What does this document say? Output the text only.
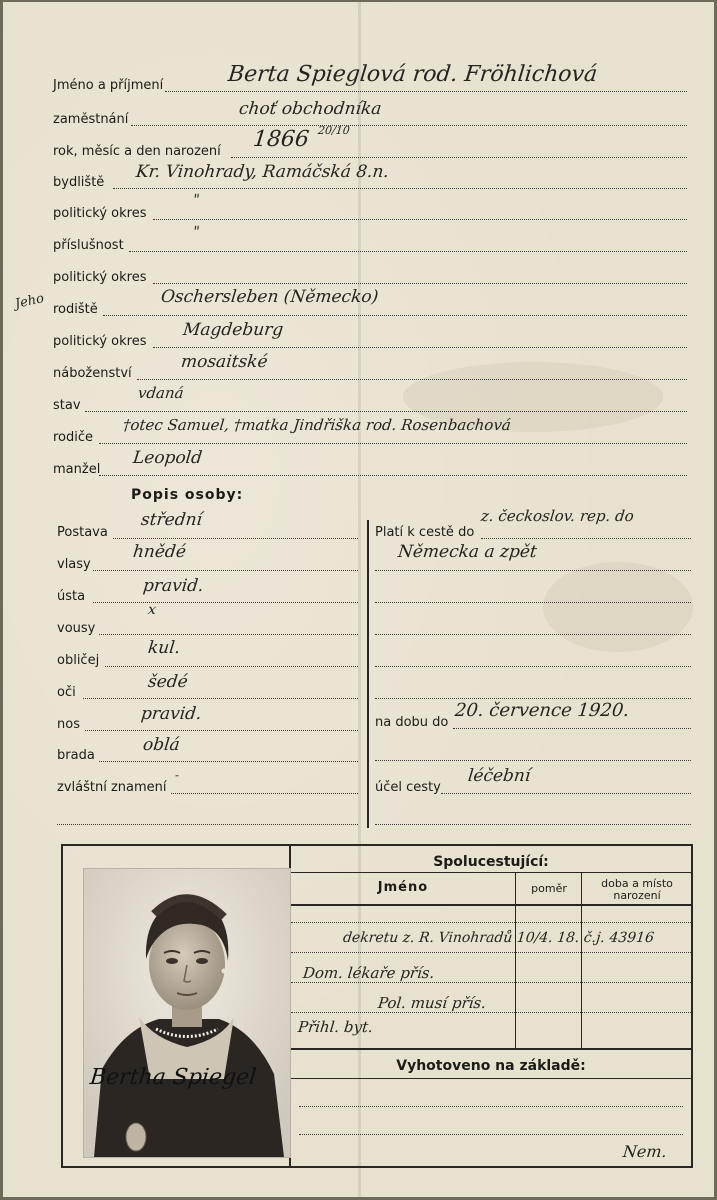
Jméno a příjmení	Berta Spieglová rod. Fröhlichová
zaměstnání
choť obchodníka
rok, měsíc a den narození 1866 20/10
bydliště
Kr. Vinohrady, Ramáčská 8.n.
politický okres
"
příslušnost
"
politický okres
Jeho rodiště
Oschersleben (Německo)
politický okres
Magdeburg
náboženství
mosaitské
stav
vdaná
rodiče
†otec Samuel, †matka Jindřiška rod. Rosenbachová
manžel
Leopold
Popis osoby:
Postava
střední
vlasy
hnědé
ústa
pravid.
vousy
x
obličej
kul.
oči
šedé
nos
pravid.
brada
oblá
zvláštní znamení
-
Platí k cestě do
z. čeckoslov. rep. do
Německa a zpět
na dobu do
20. července 1920.
účel cesty
léčební
Spolucestující:
Jméno	poměr	doba a místo
narození
dekretu z. R. Vinohradů 10/4. 18. č.j. 43916
Dom. lékaře přís.
Pol. musí přís.
Přihl. byt.
Vyhotoveno na základě:
Nem.
Bertha Spiegel
